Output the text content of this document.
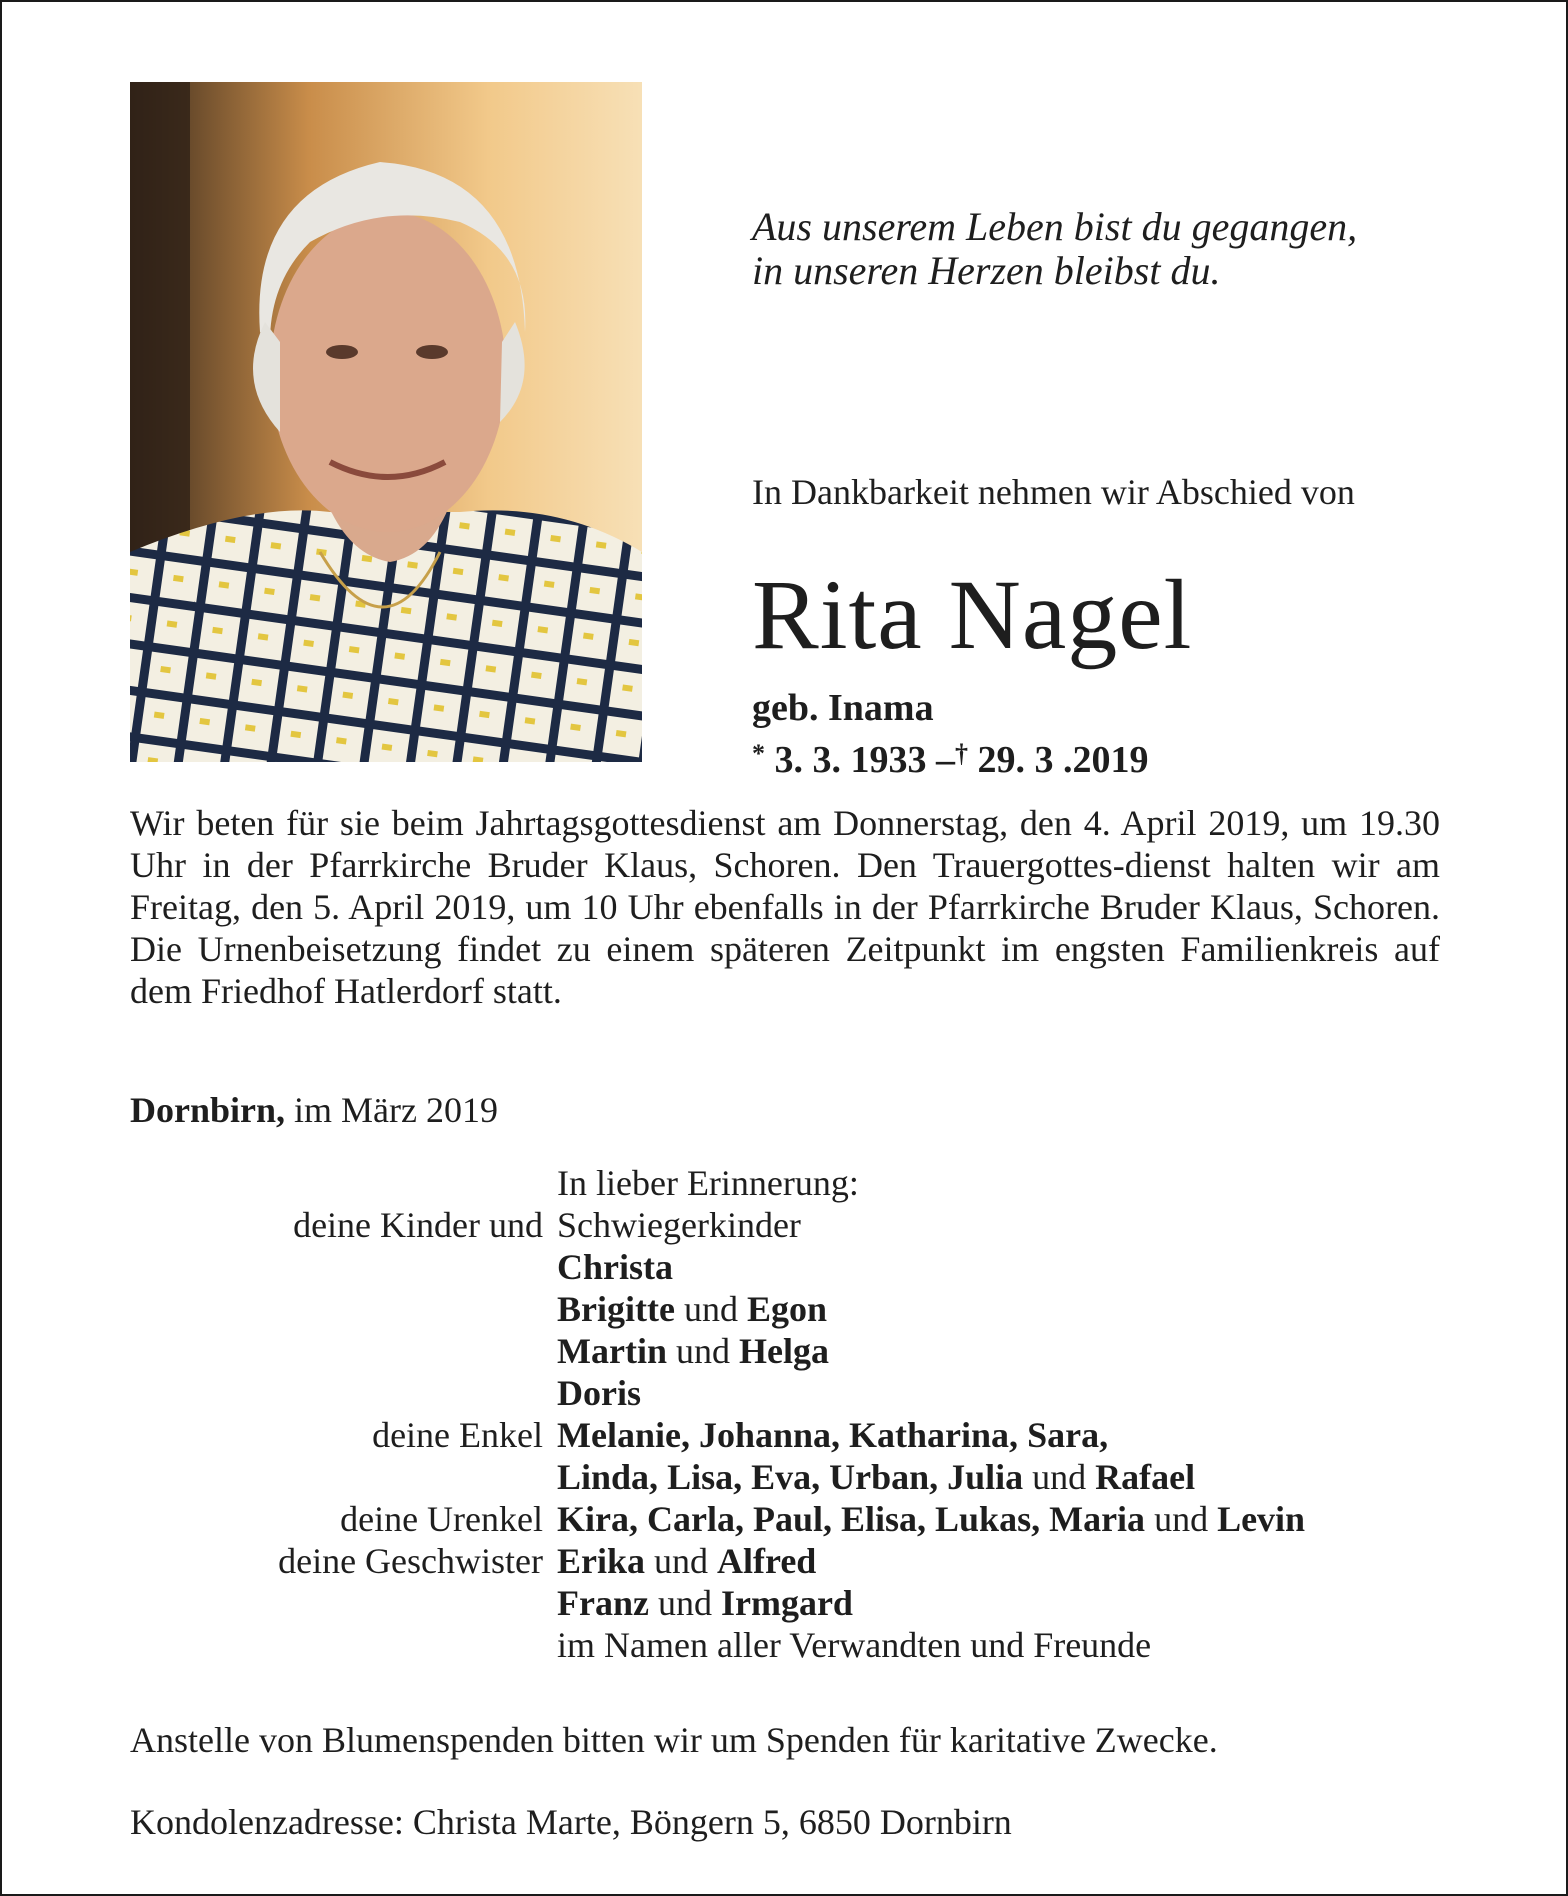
Aus unserem Leben bist du gegangen,
in unseren Herzen bleibst du.
In Dankbarkeit nehmen wir Abschied von
Rita Nagel
geb. Inama
* 3. 3. 1933 –† 29. 3 .2019
Wir beten für sie beim Jahrtagsgottesdienst am Donnerstag, den 4. April 2019, um 19.30 Uhr in der Pfarrkirche Bruder Klaus, Schoren. Den Trauergottes-dienst halten wir am Freitag, den 5. April 2019, um 10 Uhr ebenfalls in der Pfarrkirche Bruder Klaus, Schoren. Die Urnenbeisetzung findet zu einem späteren Zeitpunkt im engsten Familienkreis auf dem Friedhof Hatlerdorf statt.
Dornbirn, im März 2019
In lieber Erinnerung:
deine Kinder und Schwiegerkinder
Christa
Brigitte und Egon
Martin und Helga
Doris
deine Enkel Melanie, Johanna, Katharina, Sara,
Linda, Lisa, Eva, Urban, Julia und Rafael
deine Urenkel Kira, Carla, Paul, Elisa, Lukas, Maria und Levin
deine Geschwister Erika und Alfred
Franz und Irmgard
im Namen aller Verwandten und Freunde
Anstelle von Blumenspenden bitten wir um Spenden für karitative Zwecke.
Kondolenzadresse: Christa Marte, Böngern 5, 6850 Dornbirn
